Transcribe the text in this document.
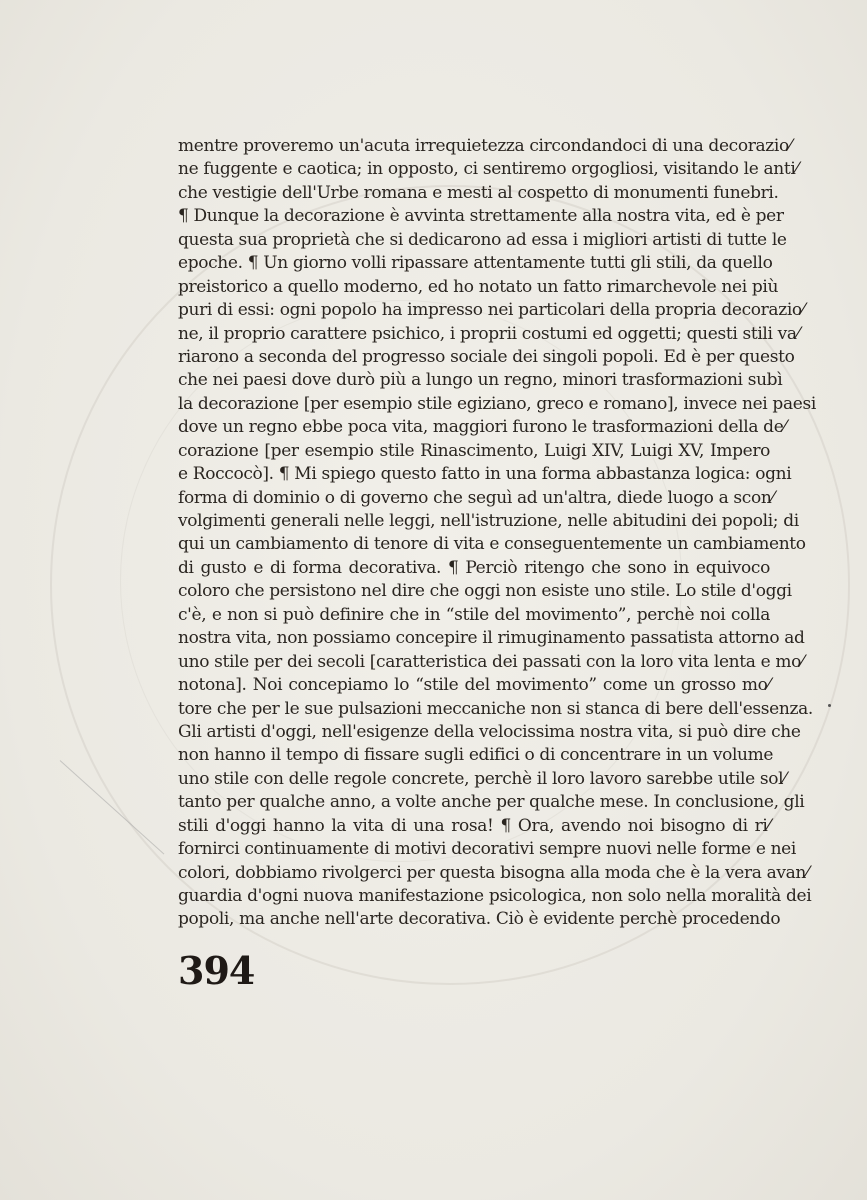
mentre proveremo un'acuta irrequietezza circondandoci di una decorazio⁄
ne fuggente e caotica; in opposto, ci sentiremo orgogliosi, visitando le anti⁄
che vestigie dell'Urbe romana e mesti al cospetto di monumenti funebri.
¶ Dunque la decorazione è avvinta strettamente alla nostra vita, ed è per
questa sua proprietà che si dedicarono ad essa i migliori artisti di tutte le
epoche. ¶ Un giorno volli ripassare attentamente tutti gli stili, da quello
preistorico a quello moderno, ed ho notato un fatto rimarchevole nei più
puri di essi: ogni popolo ha impresso nei particolari della propria decorazio⁄
ne, il proprio carattere psichico, i proprii costumi ed oggetti; questi stili va⁄
riarono a seconda del progresso sociale dei singoli popoli. Ed è per questo
che nei paesi dove durò più a lungo un regno, minori trasformazioni subì
la decorazione [per esempio stile egiziano, greco e romano], invece nei paesi
dove un regno ebbe poca vita, maggiori furono le trasformazioni della de⁄
corazione [per esempio stile Rinascimento, Luigi XIV, Luigi XV, Impero
e Roccocò]. ¶ Mi spiego questo fatto in una forma abbastanza logica: ogni
forma di dominio o di governo che seguì ad un'altra, diede luogo a scon⁄
volgimenti generali nelle leggi, nell'istruzione, nelle abitudini dei popoli; di
qui un cambiamento di tenore di vita e conseguentemente un cambiamento
di gusto e di forma decorativa. ¶ Perciò ritengo che sono in equivoco
coloro che persistono nel dire che oggi non esiste uno stile. Lo stile d'oggi
c'è, e non si può definire che in “stile del movimento”, perchè noi colla
nostra vita, non possiamo concepire il rimuginamento passatista attorno ad
uno stile per dei secoli [caratteristica dei passati con la loro vita lenta e mo⁄
notona]. Noi concepiamo lo “stile del movimento” come un grosso mo⁄
tore che per le sue pulsazioni meccaniche non si stanca di bere dell'essenza.
Gli artisti d'oggi, nell'esigenze della velocissima nostra vita, si può dire che
non hanno il tempo di fissare sugli edifici o di concentrare in un volume
uno stile con delle regole concrete, perchè il loro lavoro sarebbe utile sol⁄
tanto per qualche anno, a volte anche per qualche mese. In conclusione, gli
stili d'oggi hanno la vita di una rosa! ¶ Ora, avendo noi bisogno di ri⁄
fornirci continuamente di motivi decorativi sempre nuovi nelle forme e nei
colori, dobbiamo rivolgerci per questa bisogna alla moda che è la vera avan⁄
guardia d'ogni nuova manifestazione psicologica, non solo nella moralità dei
popoli, ma anche nell'arte decorativa. Ciò è evidente perchè procedendo
394
